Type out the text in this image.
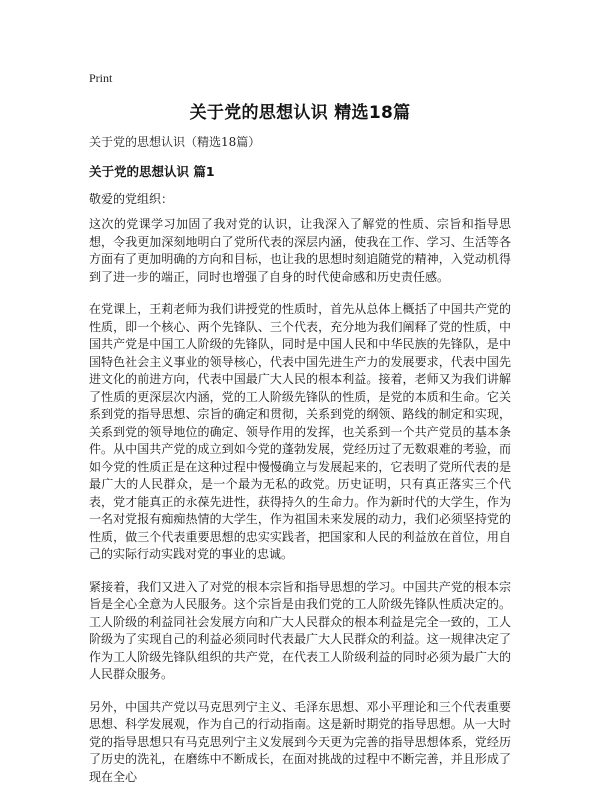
Print
关于党的思想认识 精选18篇
关于党的思想认识（精选18篇）
关于党的思想认识 篇1
敬爱的党组织：

这次的党课学习加固了我对党的认识，让我深入了解党的性质、宗旨和指导思想，令我更加深刻地明白了党所代表的深层内涵，使我在工作、学习、生活等各方面有了更加明确的方向和目标，也让我的思想时刻追随党的精神，入党动机得到了进一步的端正，同时也增强了自身的时代使命感和历史责任感。

在党课上，王莉老师为我们讲授党的性质时，首先从总体上概括了中国共产党的性质，即一个核心、两个先锋队、三个代表，充分地为我们阐释了党的性质，中国共产党是中国工人阶级的先锋队，同时是中国人民和中华民族的先锋队，是中国特色社会主义事业的领导核心，代表中国先进生产力的发展要求，代表中国先进文化的前进方向，代表中国最广大人民的根本利益。接着，老师又为我们讲解了性质的更深层次内涵，党的工人阶级先锋队的性质，是党的本质和生命。它关系到党的指导思想、宗旨的确定和贯彻，关系到党的纲领、路线的制定和实现，关系到党的领导地位的确定、领导作用的发挥，也关系到一个共产党员的基本条件。从中国共产党的成立到如今党的蓬勃发展，党经历过了无数艰难的考验，而如今党的性质正是在这种过程中慢慢确立与发展起来的，它表明了党所代表的是最广大的人民群众，是一个最为无私的政党。历史证明，只有真正落实三个代表，党才能真正的永葆先进性，获得持久的生命力。作为新时代的大学生，作为一名对党报有痴痴热情的大学生，作为祖国未来发展的动力，我们必须坚持党的性质，做三个代表重要思想的忠实实践者，把国家和人民的利益放在首位，用自己的实际行动实践对党的事业的忠诚。

紧接着，我们又进入了对党的根本宗旨和指导思想的学习。中国共产党的根本宗旨是全心全意为人民服务。这个宗旨是由我们党的工人阶级先锋队性质决定的。工人阶级的利益同社会发展方向和广大人民群众的根本利益是完全一致的，工人阶级为了实现自己的利益必须同时代表最广大人民群众的利益。这一规律决定了作为工人阶级先锋队组织的共产党，在代表工人阶级利益的同时必须为最广大的人民群众服务。

另外，中国共产党以马克思列宁主义、毛泽东思想、邓小平理论和三个代表重要思想、科学发展观，作为自己的行动指南。这是新时期党的指导思想。从一大时党的指导思想只有马克思列宁主义发展到今天更为完善的指导思想体系，党经历了历史的洗礼，在磨练中不断成长，在面对挑战的过程中不断完善，并且形成了现在全心
